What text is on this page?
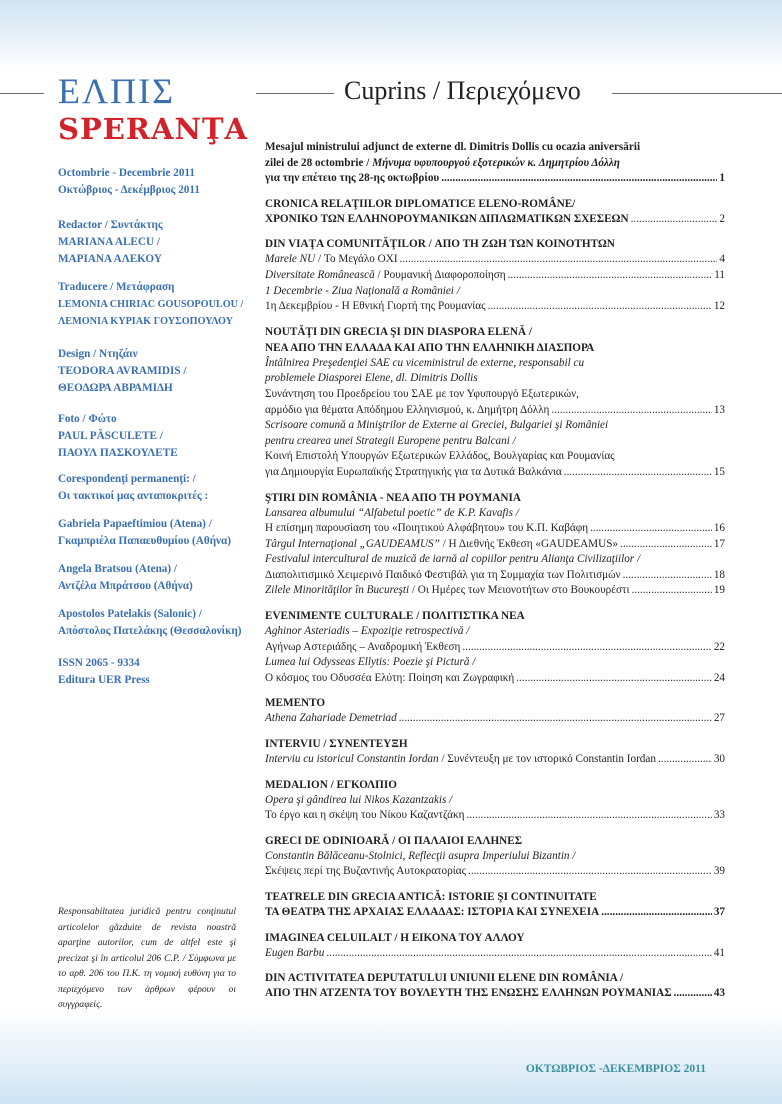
ΕΛΠΙΣ
SPERANŢA
Cuprins / Περιεχόμενο
Octombrie - Decembrie 2011
Οκτώβριος - Δεκέμβριος 2011
Redactor / Συντάκτης
MARIANA ALECU /
ΜΑΡΙΑΝΑ ΑΛΕΚΟΥ
Traducere / Μετάφραση
LEMONIA CHIRIAC GOUSOPOULOU /
ΛΕΜΟΝΙΑ ΚΥΡΙΑΚ ΓΟΥΣΟΠΟΥΛΟΥ
Design / Ντηζάιν
TEODORA AVRAMIDIS /
ΘΕΟΔΩΡΑ ΑΒΡΑΜΙΔΗ
Foto / Φώτο
PAUL PĂSCULETE /
ΠΑΟΥΛ ΠΑΣΚΟΥΛΕΤΕ
Corespondenţi permanenţi: /
Οι τακτικοί μας ανταποκριτές :
Gabriela Papaeftimiou (Atena) /
Γκαμπριέλα Παπαευθυμίου (Αθήνα)
Angela Bratsou (Atena) /
Αντζέλα Μπράτσου (Αθήνα)
Apostolos Patelakis (Salonic) /
Απόστολος Πατελάκης (Θεσσαλονίκη)
ISSN 2065 - 9334
Editura UER Press
Responsabiltatea juridică pentru conţinutul articolelor găzduite de revista noastră aparţine autorilor, cum de altfel este şi precizat şi în articolul 206 C.P. / Σύμφωνα με το αρθ. 206 του Π.Κ. τη νομική ευθύνη για το περιεχόμενο των άρθρων φέρουν οι συγγραφείς.
Mesajul ministrului adjunct de externe dl. Dimitris Dollis cu ocazia aniversării
zilei de 28 octombrie / Μήνυμα υφυπουργού εξοτερικών κ. Δημητρίου Δόλλη
για την επέτειο της 28-ης οκτωβρίου .....	1
CRONICA RELAŢIILOR DIPLOMATICE ELENO-ROMÂNE/
ΧΡΟΝΙΚΟ ΤΩΝ ΕΛΛΗΝΟΡΟΥΜΑΝΙΚΩΝ ΔΙΠΛΩΜΑΤΙΚΩΝ ΣΧΕΣΕΩΝ .....	2
DIN VIAŢA COMUNITĂŢILOR / ΑΠΟ ΤΗ ΖΩΗ ΤΩΝ ΚΟΙΝΟΤΗΤΩΝ
Marele NU / Το Μεγάλο ΟΧΙ .....	4
Diversitate Românească / Ρουμανική Διαφοροποίηση .....	11
1 Decembrie - Ziua Naţională a României /
1η Δεκεμβρίου - Η Εθνική Γιορτή της Ρουμανίας .....	12
NOUTĂŢI DIN GRECIA ŞI DIN DIASPORA ELENĂ /
ΝΕΑ ΑΠΟ ΤΗΝ ΕΛΛΑΔΑ ΚΑΙ ΑΠΟ ΤΗΝ ΕΛΛΗΝΙΚΗ ΔΙΑΣΠΟΡΑ
Întâlnirea Preşedenţiei SAE cu viceministrul de externe, responsabil cu
problemele Diasporei Elene, dl. Dimitris Dollis
Συνάντηση του Προεδρείου του ΣΑΕ με τον Υφυπουργό Εξωτερικών,
αρμόδιο για θέματα Απόδημου Ελληνισμού, κ. Δημήτρη Δόλλη .....	13
Scrisoare comună a Miniştrilor de Externe ai Greciei, Bulgariei şi României
pentru crearea unei Strategii Europene pentru Balcani /
Κοινή Επιστολή Υπουργών Εξωτερικών Ελλάδος, Βουλγαρίας και Ρουμανίας
για Δημιουργία Ευρωπαϊκής Στρατηγικής για τα Δυτικά Βαλκάνια .....	15
ŞTIRI DIN ROMÂNIA - ΝΕΑ ΑΠΟ ΤΗ ΡΟΥΜΑΝΙΑ
Lansarea albumului “Alfabetul poetic” de K.P. Kavafis /
Η επίσημη παρουσίαση του «Ποιητικού Αλφάβητου» του Κ.Π. Καβάφη .....	16
Târgul Internaţional „GAUDEAMUS” / Η Διεθνής Έκθεση «GAUDEAMUS» .....	17
Festivalul intercultural de muzică de iarnă al copiilor pentru Alianţa Civilizaţiilor /
Διαπολιτισμικό Χειμερινό Παιδικό Φεστιβάλ για τη Συμμαχία των Πολιτισμών .....	18
Zilele Minorităţilor în Bucureşti / Οι Ημέρες των Μειονοτήτων στο Βουκουρέστι .....	19
EVENIMENTE CULTURALE / ΠΟΛΙΤΙΣΤΙΚΑ ΝΕΑ
Aghinor Asteriadis – Expoziţie retrospectivă /
Αγήνωρ Αστεριάδης – Αναδρομική Έκθεση .....	22
Lumea lui Odysseas Ellytis: Poezie şi Pictură /
Ο κόσμος του Οδυσσέα Ελύτη: Ποίηση και Ζωγραφική .....	24
MEMENTO
Athena Zahariade Demetriad .....	27
INTERVIU / ΣΥΝΕΝΤΕΥΞΗ
Interviu cu istoricul Constantin Iordan / Συνέντευξη με τον ιστορικό Constantin Iordan .....	30
MEDALION / ΕΓΚΟΛΠΙΟ
Opera şi gândirea lui Nikos Kazantzakis /
Το έργο και η σκέψη του Νίκου Καζαντζάκη .....	33
GRECI DE ODINIOARĂ / ΟΙ ΠΑΛΑΙΟΙ ΕΛΛΗΝΕΣ
Constantin Bălăceanu-Stolnici, Reflecţii asupra Imperiului Bizantin /
Σκέψεις περί της Βυζαντινής Αυτοκρατορίας .....	39
TEATRELE DIN GRECIA ANTICĂ: ISTORIE ŞI CONTINUITATE
ΤΑ ΘΕΑΤΡΑ ΤΗΣ ΑΡΧΑΙΑΣ ΕΛΛΑΔΑΣ: ΙΣΤΟΡΙΑ ΚΑΙ ΣΥΝΕΧΕΙΑ .....	37
IMAGINEA CELUILALT / Η ΕΙΚΟΝΑ ΤΟΥ ΑΛΛΟΥ
Eugen Barbu .....	41
DIN ACTIVITATEA DEPUTATULUI UNIUNII ELENE DIN ROMÂNIA /
ΑΠΟ ΤΗΝ ΑΤΖΕΝΤΑ ΤΟΥ ΒΟΥΛΕΥΤΗ ΤΗΣ ΕΝΩΣΗΣ ΕΛΛΗΝΩΝ ΡΟΥΜΑΝΙΑΣ .....	43
ΟΚΤΩΒΡΙΟΣ -ΔΕΚΕΜΒΡΙΟΣ 2011
